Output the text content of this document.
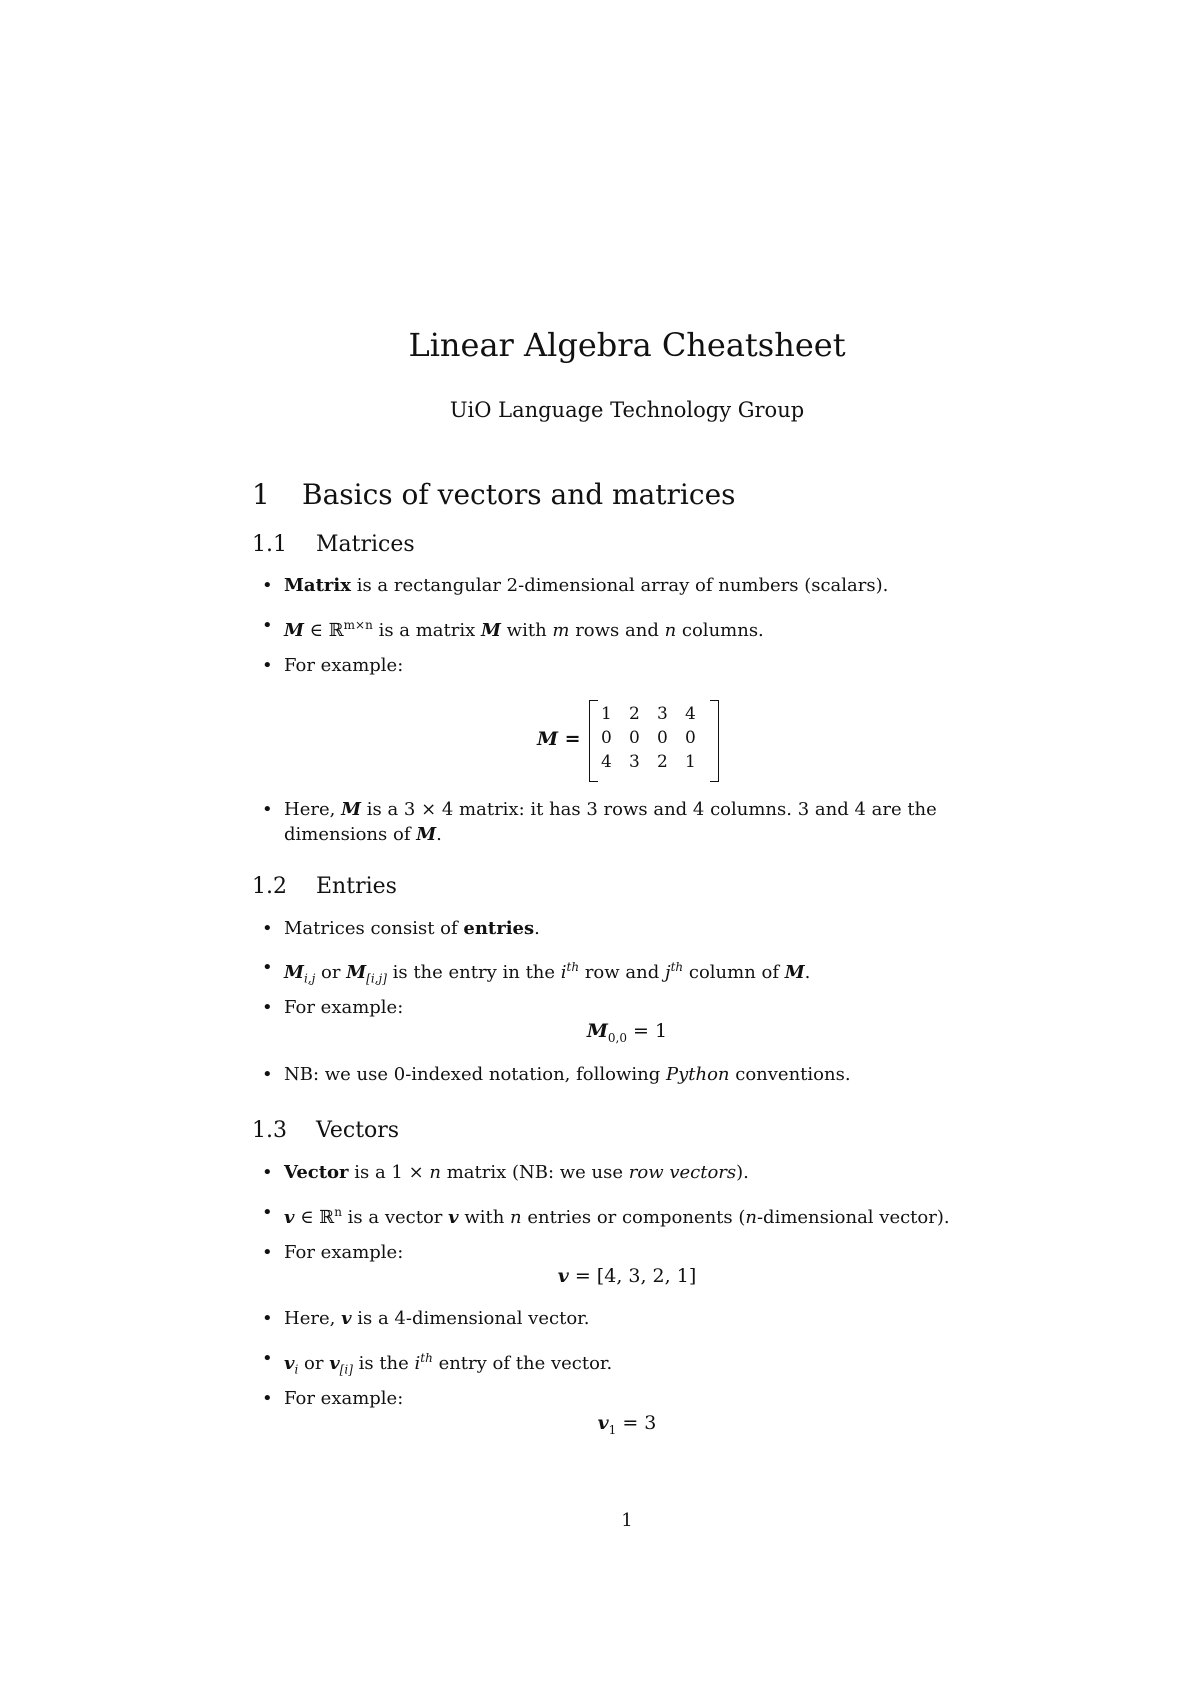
Linear Algebra Cheatsheet
UiO Language Technology Group
1 Basics of vectors and matrices
1.1 Matrices
• Matrix is a rectangular 2-dimensional array of numbers (scalars).
• M ∈ ℝ$^{m\times n}$ is a matrix M with m rows and n columns.
• For example:
M =
1 2 3 4
0 0 0 0
4 3 2 1
• Here, M is a 3 × 4 matrix: it has 3 rows and 4 columns. 3 and 4 are the dimensions of M.
1.2 Entries
• Matrices consist of entries.
• $M_{i,j}$ or $M_{[i,j]}$ is the entry in the $i^{th}$ row and $j^{th}$ column of M.
• For example:
$M_{0,0} = 1$
• NB: we use 0-indexed notation, following Python conventions.
1.3 Vectors
• Vector is a 1 × n matrix (NB: we use row vectors).
• v ∈ ℝ$^n$ is a vector v with n entries or components (n-dimensional vector).
• For example:
v = [4, 3, 2, 1]
• Here, v is a 4-dimensional vector.
• $v_i$ or $v_{[i]}$ is the $i^{th}$ entry of the vector.
• For example:
$v_1 = 3$
1
